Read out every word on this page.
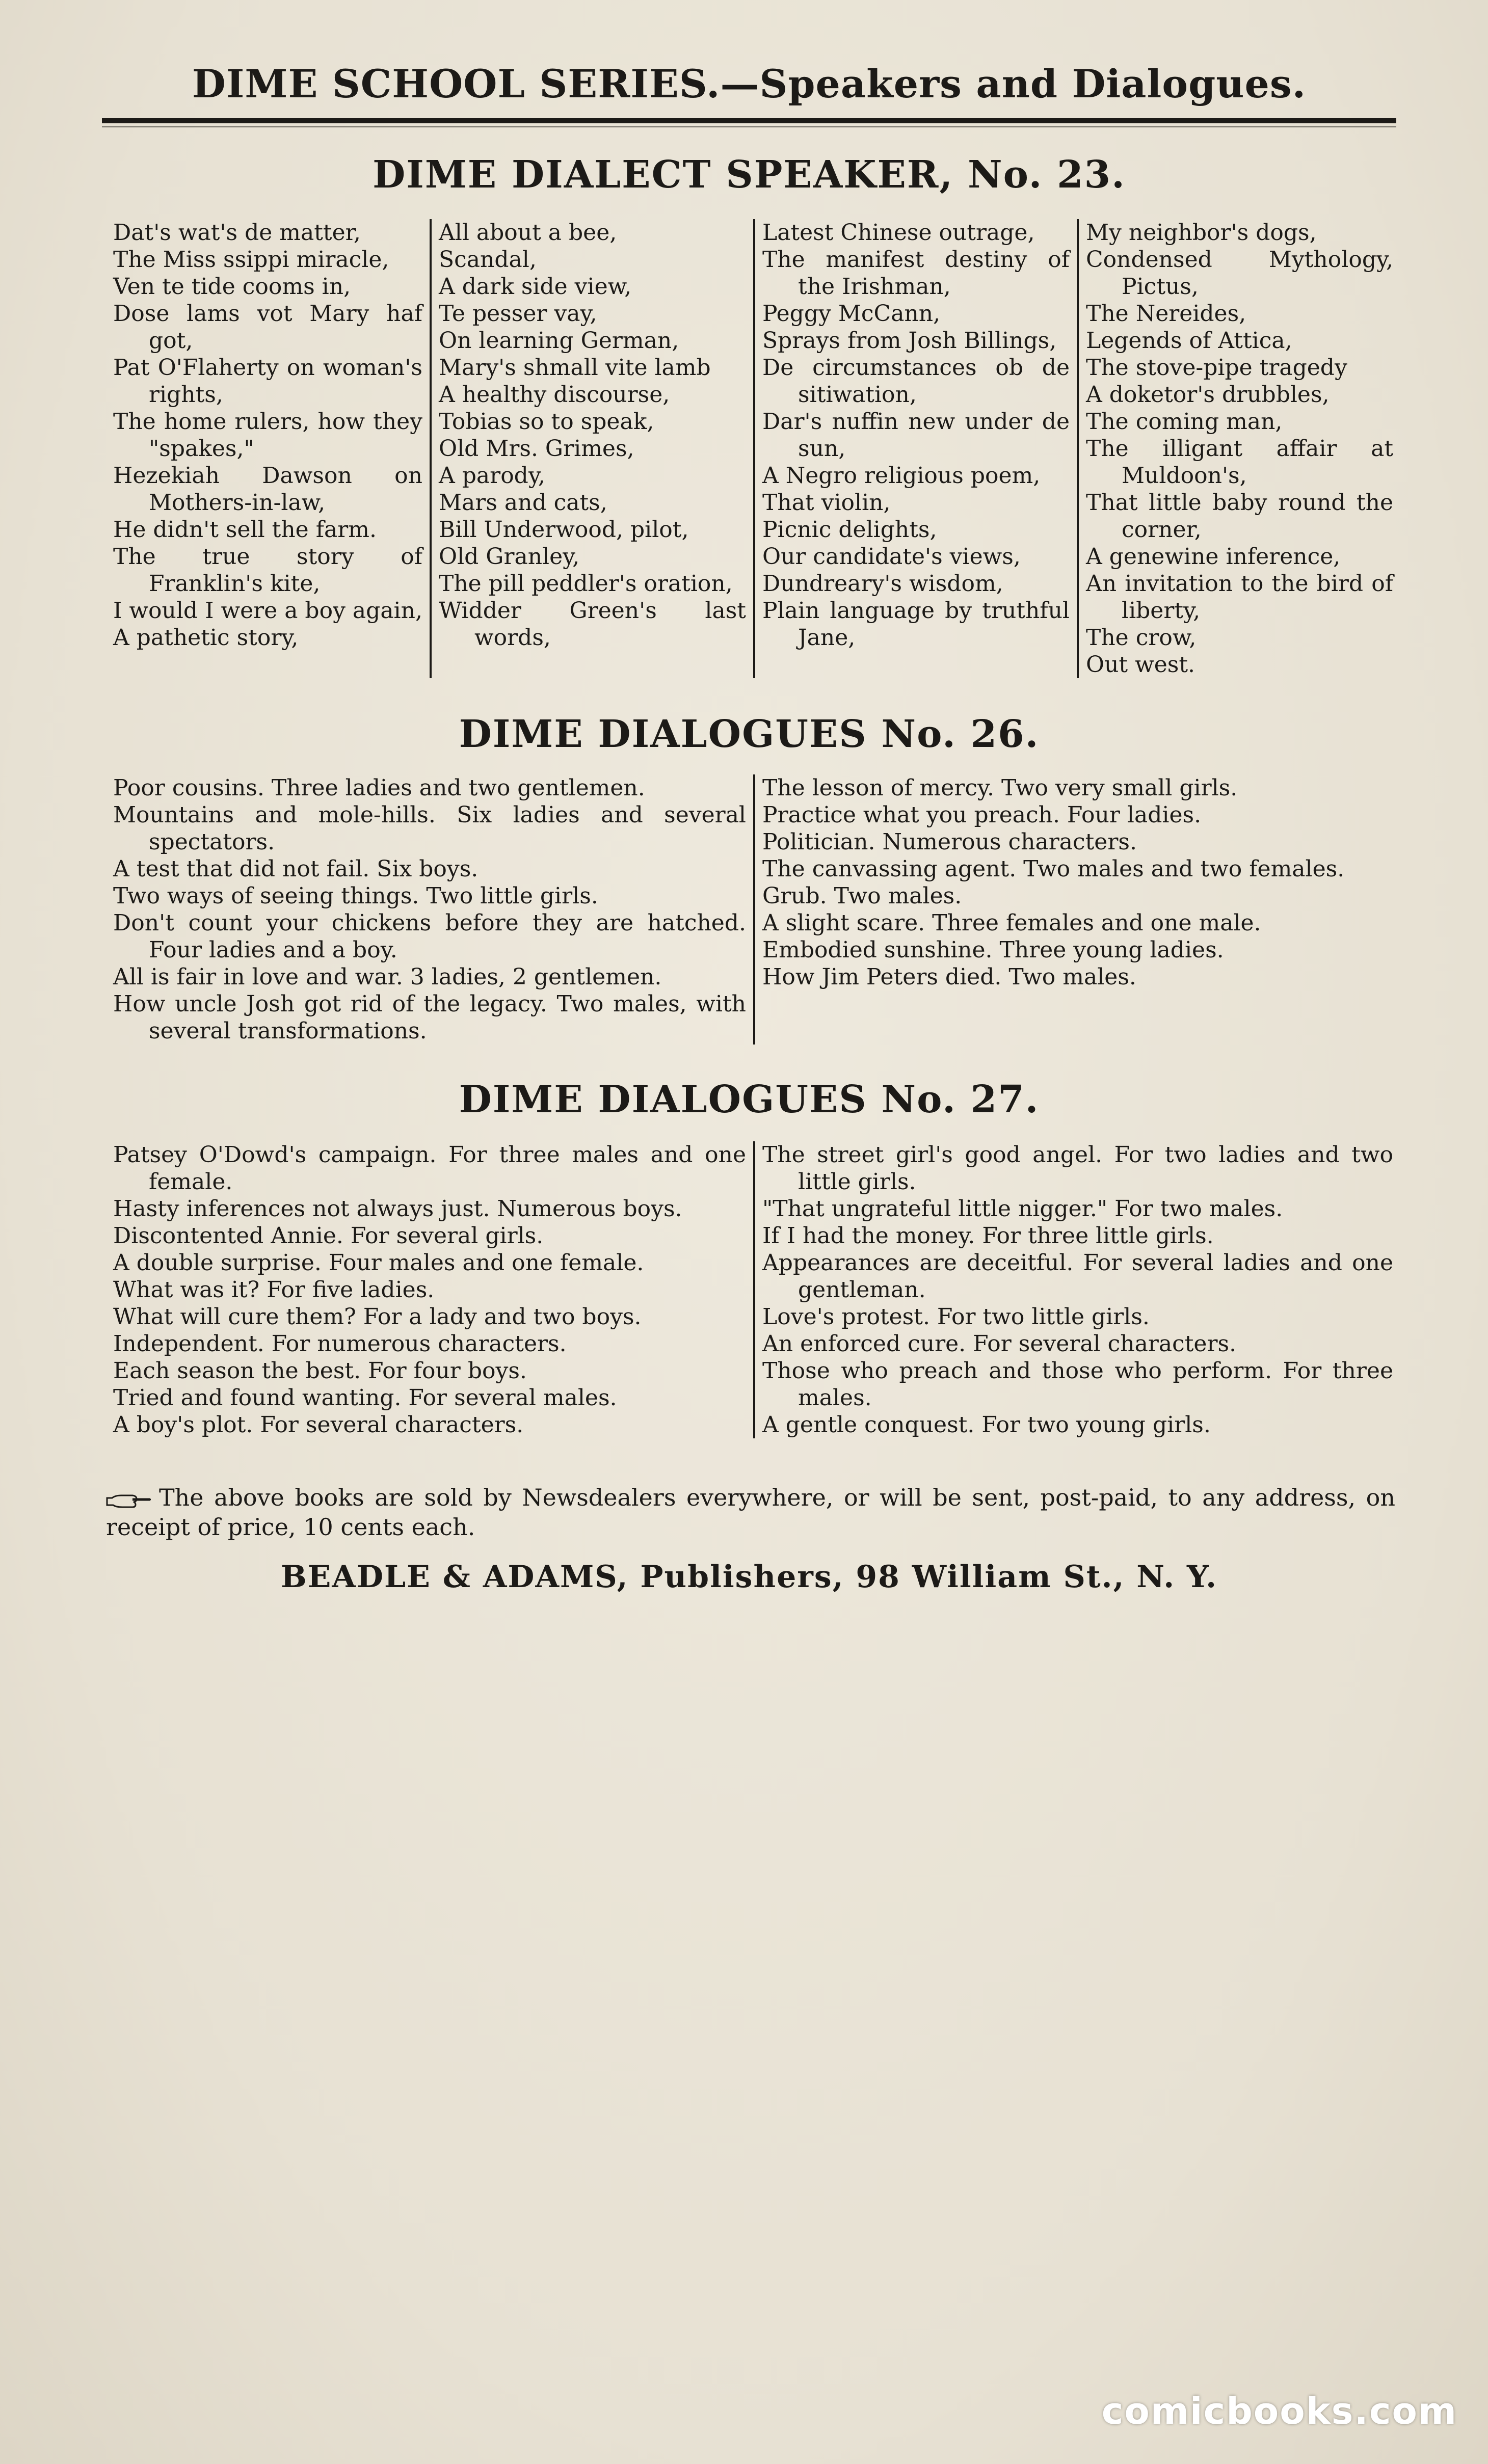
DIME SCHOOL SERIES.—Speakers and Dialogues.
DIME DIALECT SPEAKER, No. 23.
Dat's wat's de matter,
The Miss ssippi miracle,
Ven te tide cooms in,
Dose lams vot Mary haf got,
Pat O'Flaherty on woman's rights,
The home rulers, how they "spakes,"
Hezekiah Dawson on Mothers-in-law,
He didn't sell the farm.
The true story of Franklin's kite,
I would I were a boy again,
A pathetic story,
All about a bee,
Scandal,
A dark side view,
Te pesser vay,
On learning German,
Mary's shmall vite lamb
A healthy discourse,
Tobias so to speak,
Old Mrs. Grimes,
A parody,
Mars and cats,
Bill Underwood, pilot,
Old Granley,
The pill peddler's oration,
Widder Green's last words,
Latest Chinese outrage,
The manifest destiny of the Irishman,
Peggy McCann,
Sprays from Josh Billings,
De circumstances ob de sitiwation,
Dar's nuffin new under de sun,
A Negro religious poem,
That violin,
Picnic delights,
Our candidate's views,
Dundreary's wisdom,
Plain language by truthful Jane,
My neighbor's dogs,
Condensed Mythology, Pictus,
The Nereides,
Legends of Attica,
The stove-pipe tragedy
A doketor's drubbles,
The coming man,
The illigant affair at Muldoon's,
That little baby round the corner,
A genewine inference,
An invitation to the bird of liberty,
The crow,
Out west.
DIME DIALOGUES No. 26.
Poor cousins. Three ladies and two gentlemen.
Mountains and mole-hills. Six ladies and several spectators.
A test that did not fail. Six boys.
Two ways of seeing things. Two little girls.
Don't count your chickens before they are hatched. Four ladies and a boy.
All is fair in love and war. 3 ladies, 2 gentlemen.
How uncle Josh got rid of the legacy. Two males, with several transformations.
The lesson of mercy. Two very small girls.
Practice what you preach. Four ladies.
Politician. Numerous characters.
The canvassing agent. Two males and two females.
Grub. Two males.
A slight scare. Three females and one male.
Embodied sunshine. Three young ladies.
How Jim Peters died. Two males.
DIME DIALOGUES No. 27.
Patsey O'Dowd's campaign. For three males and one female.
Hasty inferences not always just. Numerous boys.
Discontented Annie. For several girls.
A double surprise. Four males and one female.
What was it? For five ladies.
What will cure them? For a lady and two boys.
Independent. For numerous characters.
Each season the best. For four boys.
Tried and found wanting. For several males.
A boy's plot. For several characters.
The street girl's good angel. For two ladies and two little girls.
"That ungrateful little nigger." For two males.
If I had the money. For three little girls.
Appearances are deceitful. For several ladies and one gentleman.
Love's protest. For two little girls.
An enforced cure. For several characters.
Those who preach and those who perform. For three males.
A gentle conquest. For two young girls.
The above books are sold by Newsdealers everywhere, or will be sent, post-paid, to any address, on receipt of price, 10 cents each.
BEADLE & ADAMS, Publishers, 98 William St., N. Y.
comicbooks.com
